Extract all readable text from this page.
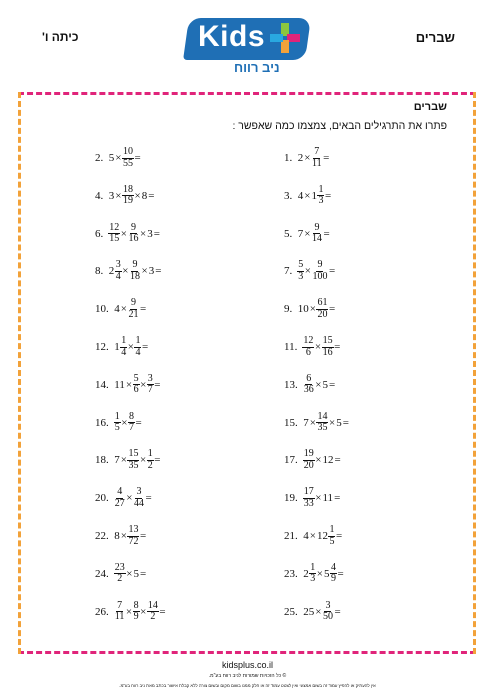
שברים
כיתה ו'	Kids
ניב רווח
שברים
פתרו את התרגילים הבאים, צמצמו כמה שאפשר :
2. $5 \times \frac{10}{55}$ =
4. $3 \times \frac{18}{19} \times 8$ =
6. $\frac{12}{15} \times \frac{9}{16} \times 3$ =
8. $2 \frac{3}{4} \times \frac{9}{18} \times 3$ =
10. $4 \times \frac{9}{21}$ =
12. $1 \frac{1}{4} \times \frac{1}{4}$ =
14. $11 \times \frac{5}{6} \times \frac{3}{7}$ =
16. $\frac{1}{5} \times \frac{8}{7}$ =
18. $7 \times \frac{15}{35} \times \frac{1}{2}$ =
20. $\frac{4}{27} \times \frac{3}{44}$ =
22. $8 \times \frac{13}{72}$ =
24. $\frac{23}{2} \times 5$ =
26. $\frac{7}{11} \times \frac{8}{9} \times \frac{14}{2}$ =
1. $2 \times \frac{7}{11}$ =
3. $4 \times 1 \frac{1}{3}$ =
5. $7 \times \frac{9}{14}$ =
7. $\frac{5}{3} \times \frac{9}{100}$ =
9. $10 \times \frac{61}{20}$ =
11. $\frac{12}{6} \times \frac{15}{16}$ =
13. $\frac{6}{36} \times 5$ =
15. $7 \times \frac{14}{35} \times 5$ =
17. $\frac{19}{20} \times 12$ =
19. $\frac{17}{33} \times 11$ =
21. $4 \times 12 \frac{1}{5}$ =
23. $2 \frac{1}{3} \times 5 \frac{4}{9}$ =
25. $25 \times \frac{3}{50}$ =
kidsplus.co.il
© כל הזכויות שמורות לניב רווח בע"מ.
אין להעתיק או להפיץ עמוד זה בשום אמצעי ואין לצטט עמוד זה או חלק ממנו בשום מקום ובשום צורה ללא קבלת אישור בכתב מאת ניב רווח בע"מ.
